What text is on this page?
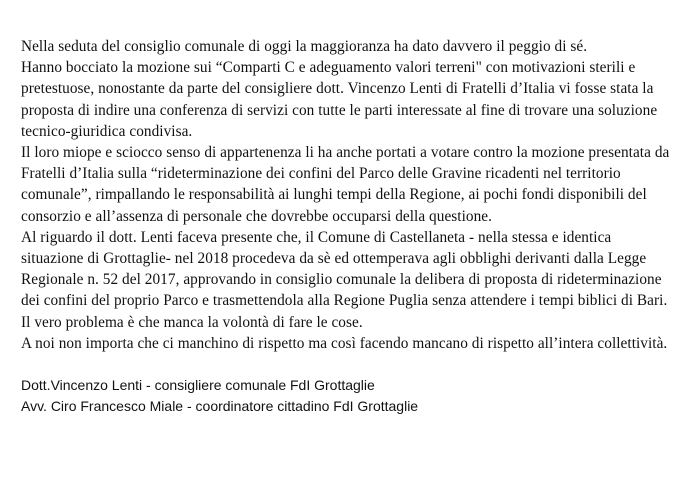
Nella seduta del consiglio comunale di oggi la maggioranza ha dato davvero il peggio di sé.
Hanno bocciato la mozione sui “Comparti C e adeguamento valori terreni" con motivazioni sterili e
pretestuose, nonostante da parte del consigliere dott. Vincenzo Lenti di Fratelli d’Italia vi fosse stata la
proposta di indire una conferenza di servizi con tutte le parti interessate al fine di trovare una soluzione
tecnico-giuridica condivisa.
Il loro miope e sciocco senso di appartenenza li ha anche portati a votare contro la mozione presentata da
Fratelli d’Italia sulla “rideterminazione dei confini del Parco delle Gravine ricadenti nel territorio
comunale”, rimpallando le responsabilità ai lunghi tempi della Regione, ai pochi fondi disponibili del
consorzio e all’assenza di personale che dovrebbe occuparsi della questione.
Al riguardo il dott. Lenti faceva presente che, il Comune di Castellaneta - nella stessa e identica
situazione di Grottaglie- nel 2018 procedeva da sè ed ottemperava agli obblighi derivanti dalla Legge
Regionale n. 52 del 2017, approvando in consiglio comunale la delibera di proposta di rideterminazione
dei confini del proprio Parco e trasmettendola alla Regione Puglia senza attendere i tempi biblici di Bari.
Il vero problema è che manca la volontà di fare le cose.
A noi non importa che ci manchino di rispetto ma così facendo mancano di rispetto all’intera collettività.
Dott.Vincenzo Lenti - consigliere comunale FdI Grottaglie
Avv. Ciro Francesco Miale - coordinatore cittadino FdI Grottaglie
